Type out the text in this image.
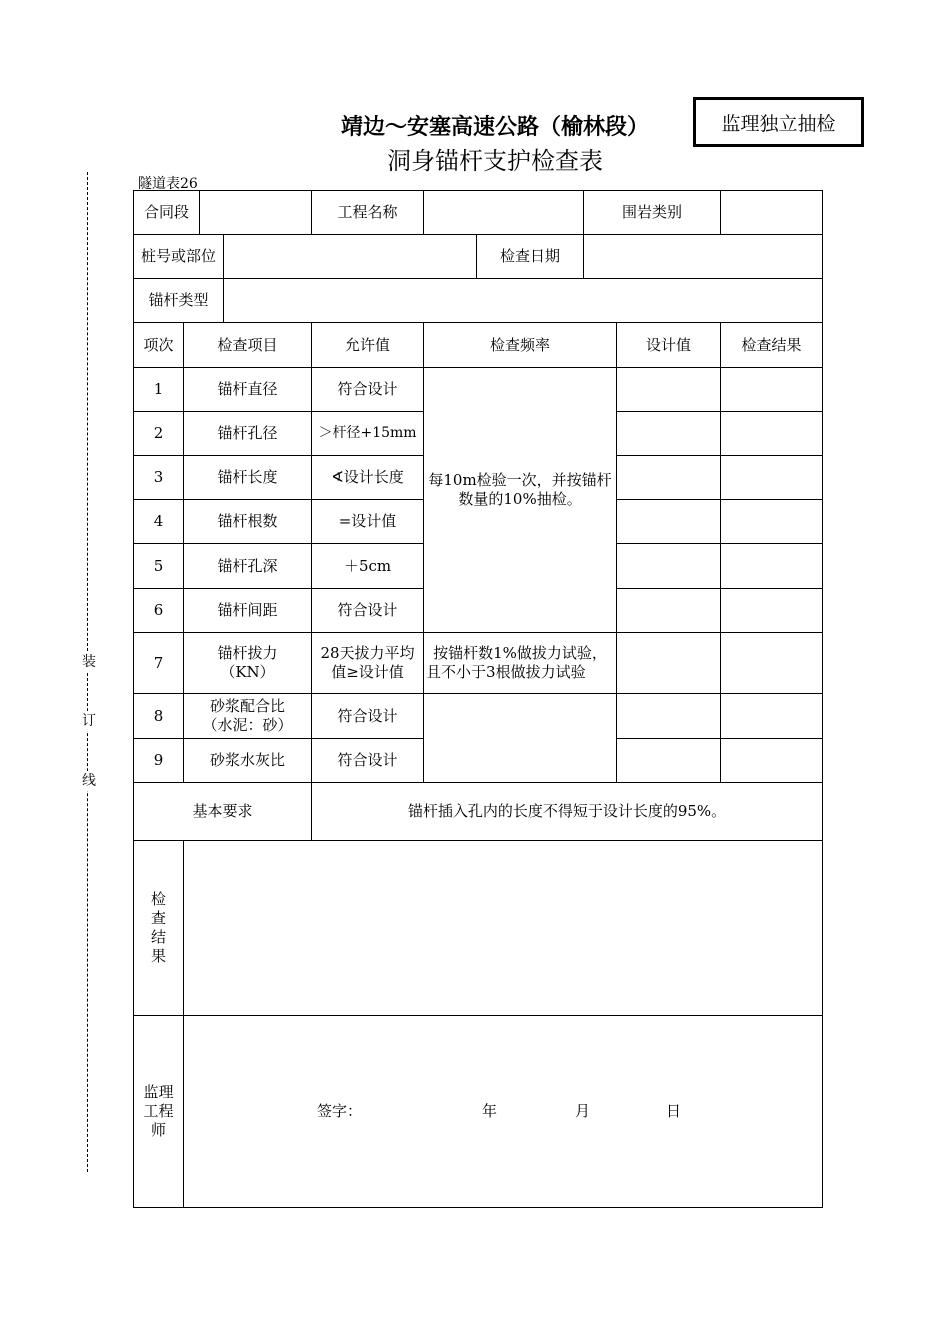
靖边～安塞高速公路（榆林段）
洞身锚杆支护检查表
监理独立抽检
隧道表26
装
订
线
合同段				工程名称			围岩类别		
桩号或部位						检查日期			
锚杆类型									
项次	检查项目			允许值	检查频率			设计值	检查结果
1	锚杆直径			符合设计	每10m检验一次，并按锚杆数量的10%抽检。				
2	锚杆孔径			＞杆径+15mm					
3	锚杆长度			∢设计长度					
4	锚杆根数			=设计值					
5	锚杆孔深			＋5cm					
6	锚杆间距			符合设计					
7	锚杆拔力（KN）			28天拔力平均值≥设计值	按锚杆数1%做拔力试验，且不小于3根做拔力试验				
8	砂浆配合比（水泥：砂）			符合设计					
9	砂浆水灰比			符合设计					
基本要求				锚杆插入孔内的长度不得短于设计长度的95%。					
检查结果									
监理工程师	签字： 年 月 日								
